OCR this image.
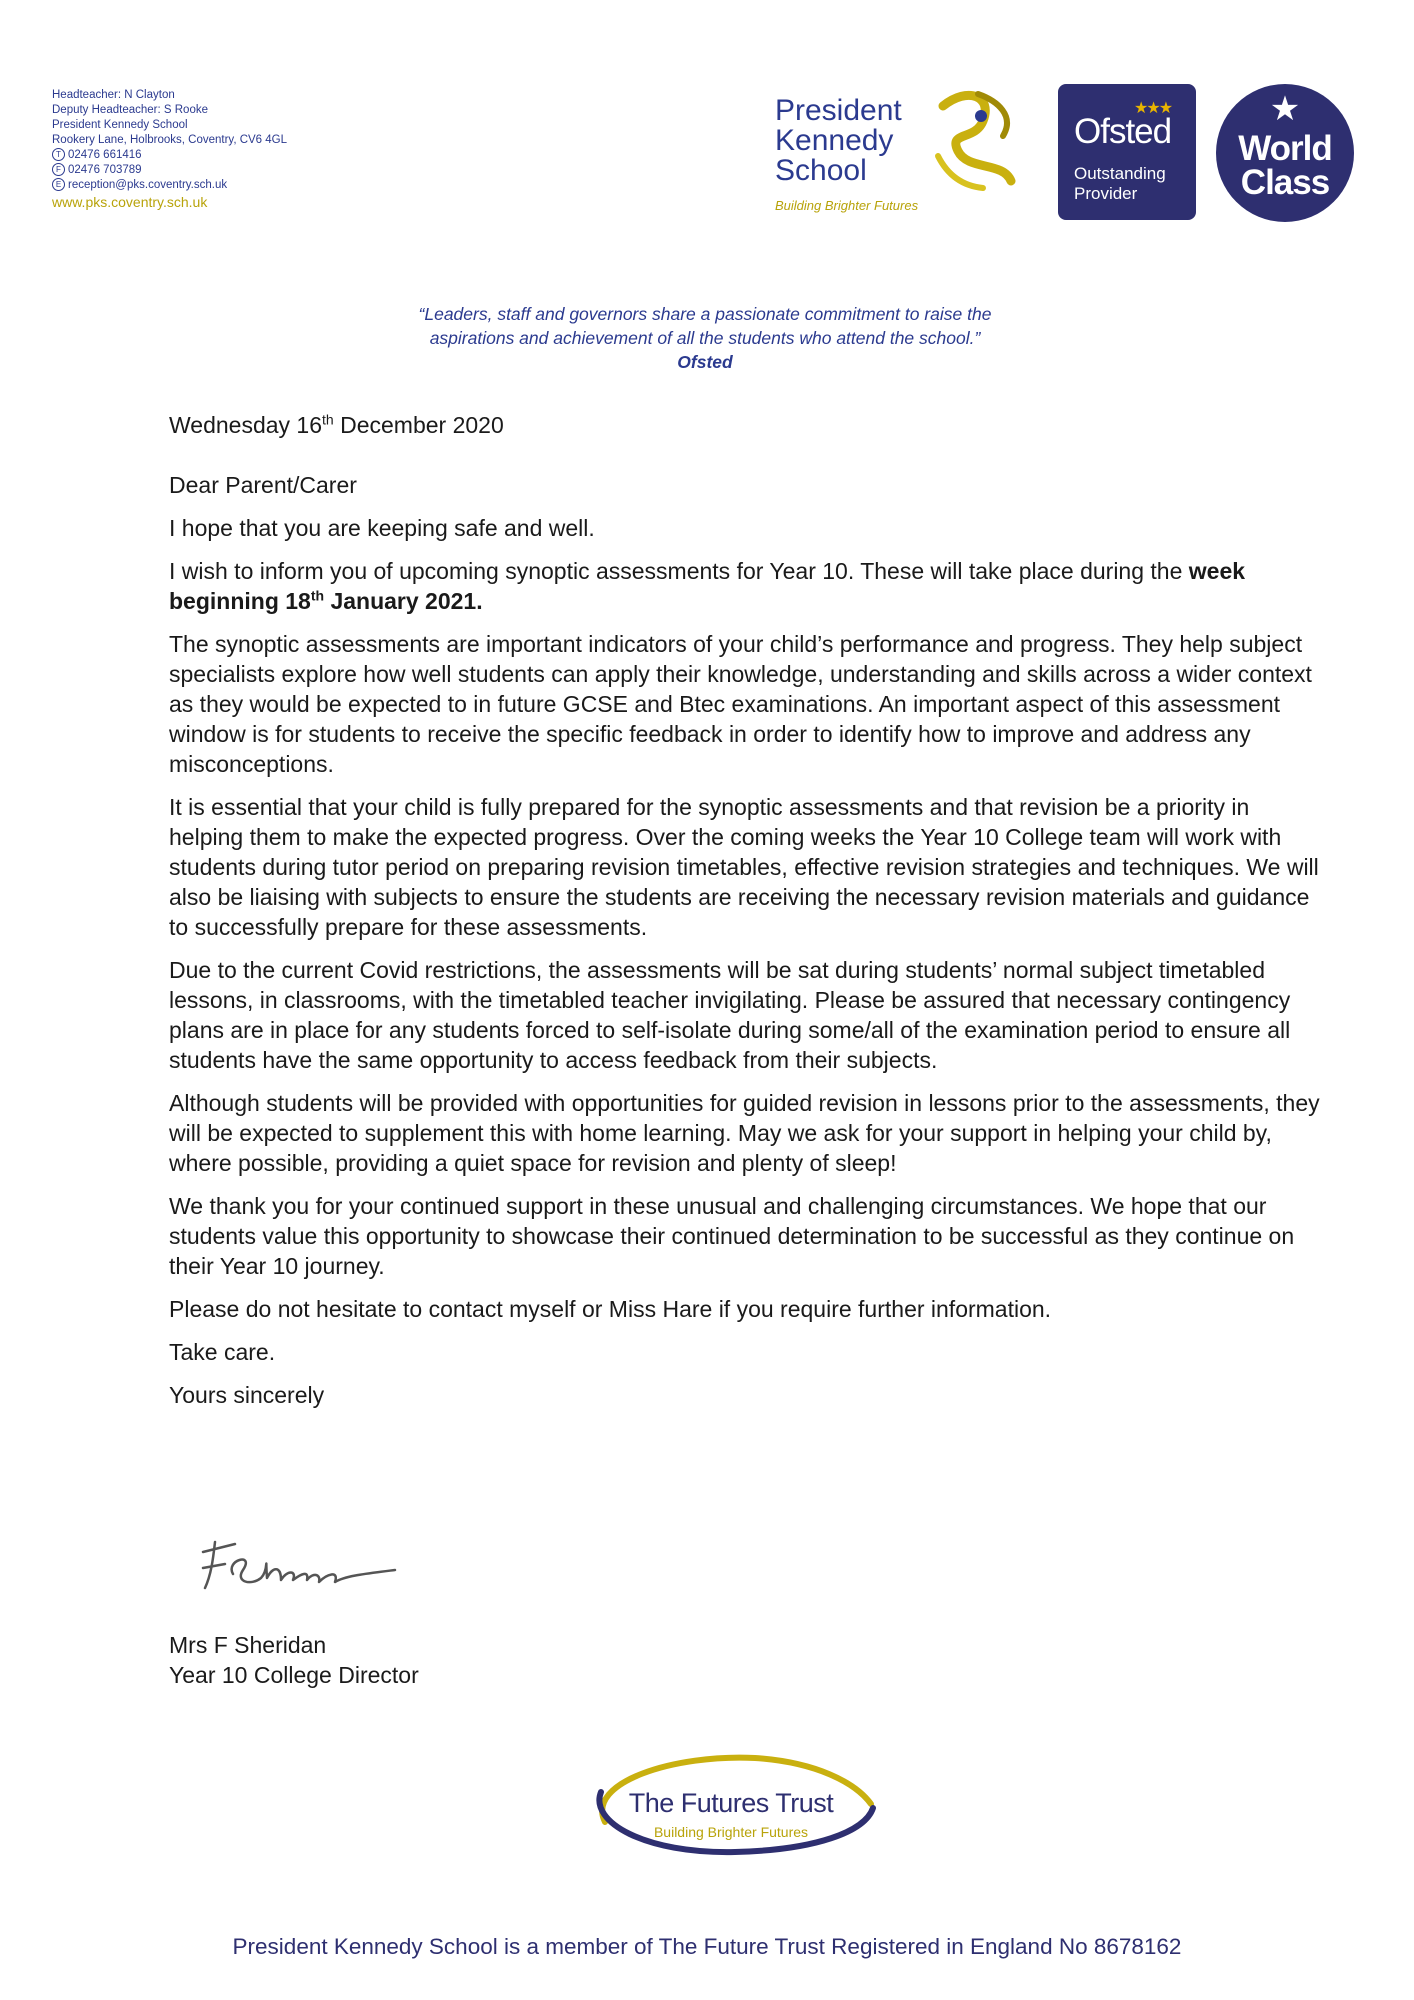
Headteacher: N Clayton
Deputy Headteacher: S Rooke
President Kennedy School
Rookery Lane, Holbrooks, Coventry, CV6 4GL
T 02476 661416
F 02476 703789
E reception@pks.coventry.sch.uk
www.pks.coventry.sch.uk
President
Kennedy
School
Building Brighter Futures
★★★
Ofsted
Outstanding
Provider
★
World
Class
“Leaders, staff and governors share a passionate commitment to raise the
aspirations and achievement of all the students who attend the school.”
Ofsted

Wednesday 16th December 2020

Dear Parent/Carer

I hope that you are keeping safe and well.

I wish to inform you of upcoming synoptic assessments for Year 10. These will take place during the week beginning 18th January 2021.

The synoptic assessments are important indicators of your child’s performance and progress. They help subject specialists explore how well students can apply their knowledge, understanding and skills across a wider context as they would be expected to in future GCSE and Btec examinations. An important aspect of this assessment window is for students to receive the specific feedback in order to identify how to improve and address any misconceptions.

It is essential that your child is fully prepared for the synoptic assessments and that revision be a priority in helping them to make the expected progress. Over the coming weeks the Year 10 College team will work with students during tutor period on preparing revision timetables, effective revision strategies and techniques. We will also be liaising with subjects to ensure the students are receiving the necessary revision materials and guidance to successfully prepare for these assessments.

Due to the current Covid restrictions, the assessments will be sat during students’ normal subject timetabled lessons, in classrooms, with the timetabled teacher invigilating. Please be assured that necessary contingency plans are in place for any students forced to self-isolate during some/all of the examination period to ensure all students have the same opportunity to access feedback from their subjects.

Although students will be provided with opportunities for guided revision in lessons prior to the assessments, they will be expected to supplement this with home learning. May we ask for your support in helping your child by, where possible, providing a quiet space for revision and plenty of sleep!

We thank you for your continued support in these unusual and challenging circumstances. We hope that our students value this opportunity to showcase their continued determination to be successful as they continue on their Year 10 journey.

Please do not hesitate to contact myself or Miss Hare if you require further information.

Take care.

Yours sincerely

Mrs F Sheridan
Year 10 College Director
The Futures Trust
Building Brighter Futures
President Kennedy School is a member of The Future Trust Registered in England No 8678162
